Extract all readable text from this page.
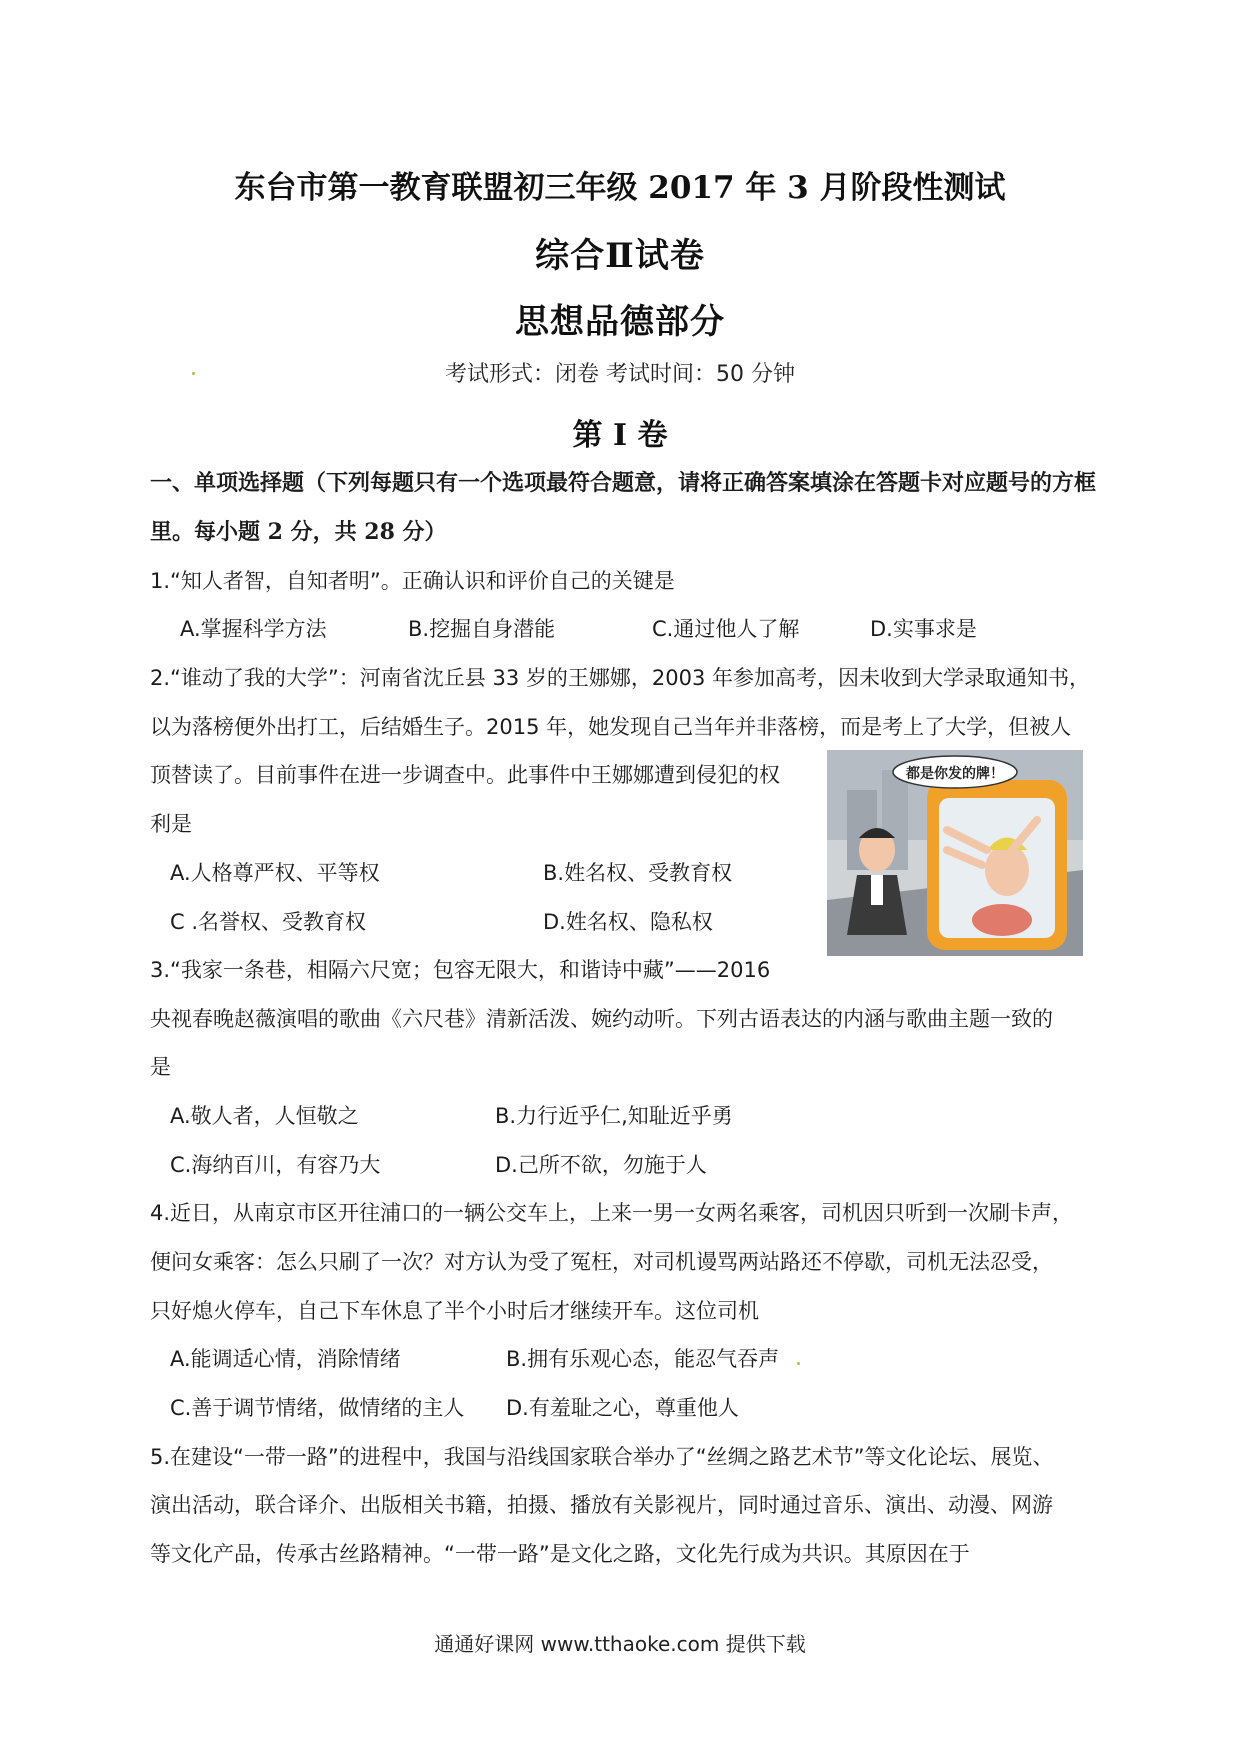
东台市第一教育联盟初三年级 2017 年 3 月阶段性测试
综合Ⅱ试卷
思想品德部分
考试形式：闭卷 考试时间：50 分钟
第 I 卷
一、单项选择题（下列每题只有一个选项最符合题意，请将正确答案填涂在答题卡对应题号的方框
里。每小题 2 分，共 28 分）
1.“知人者智，自知者明”。正确认识和评价自己的关键是
A.掌握科学方法	B.挖掘自身潜能	C.通过他人了解	D.实事求是
2.“谁动了我的大学”：河南省沈丘县 33 岁的王娜娜，2003 年参加高考，因未收到大学录取通知书，
以为落榜便外出打工，后结婚生子。2015 年，她发现自己当年并非落榜，而是考上了大学，但被人
顶替读了。目前事件在进一步调查中。此事件中王娜娜遭到侵犯的权
利是
A.人格尊严权、平等权	B.姓名权、受教育权
C .名誉权、受教育权	D.姓名权、隐私权
都是你发的牌！
3.“我家一条巷，相隔六尺宽；包容无限大，和谐诗中藏”——2016
央视春晚赵薇演唱的歌曲《六尺巷》清新活泼、婉约动听。下列古语表达的内涵与歌曲主题一致的
是
A.敬人者，人恒敬之	B.力行近乎仁,知耻近乎勇
C.海纳百川，有容乃大	D.己所不欲，勿施于人
4.近日，从南京市区开往浦口的一辆公交车上，上来一男一女两名乘客，司机因只听到一次刷卡声，
便问女乘客：怎么只刷了一次？对方认为受了冤枉，对司机谩骂两站路还不停歇，司机无法忍受，
只好熄火停车，自己下车休息了半个小时后才继续开车。这位司机
A.能调适心情，消除情绪	B.拥有乐观心态，能忍气吞声
C.善于调节情绪，做情绪的主人 D.有羞耻之心，尊重他人
5.在建设“一带一路”的进程中，我国与沿线国家联合举办了“丝绸之路艺术节”等文化论坛、展览、
演出活动，联合译介、出版相关书籍，拍摄、播放有关影视片，同时通过音乐、演出、动漫、网游
等文化产品，传承古丝路精神。“一带一路”是文化之路，文化先行成为共识。其原因在于
通通好课网 www.tthaoke.com 提供下载
